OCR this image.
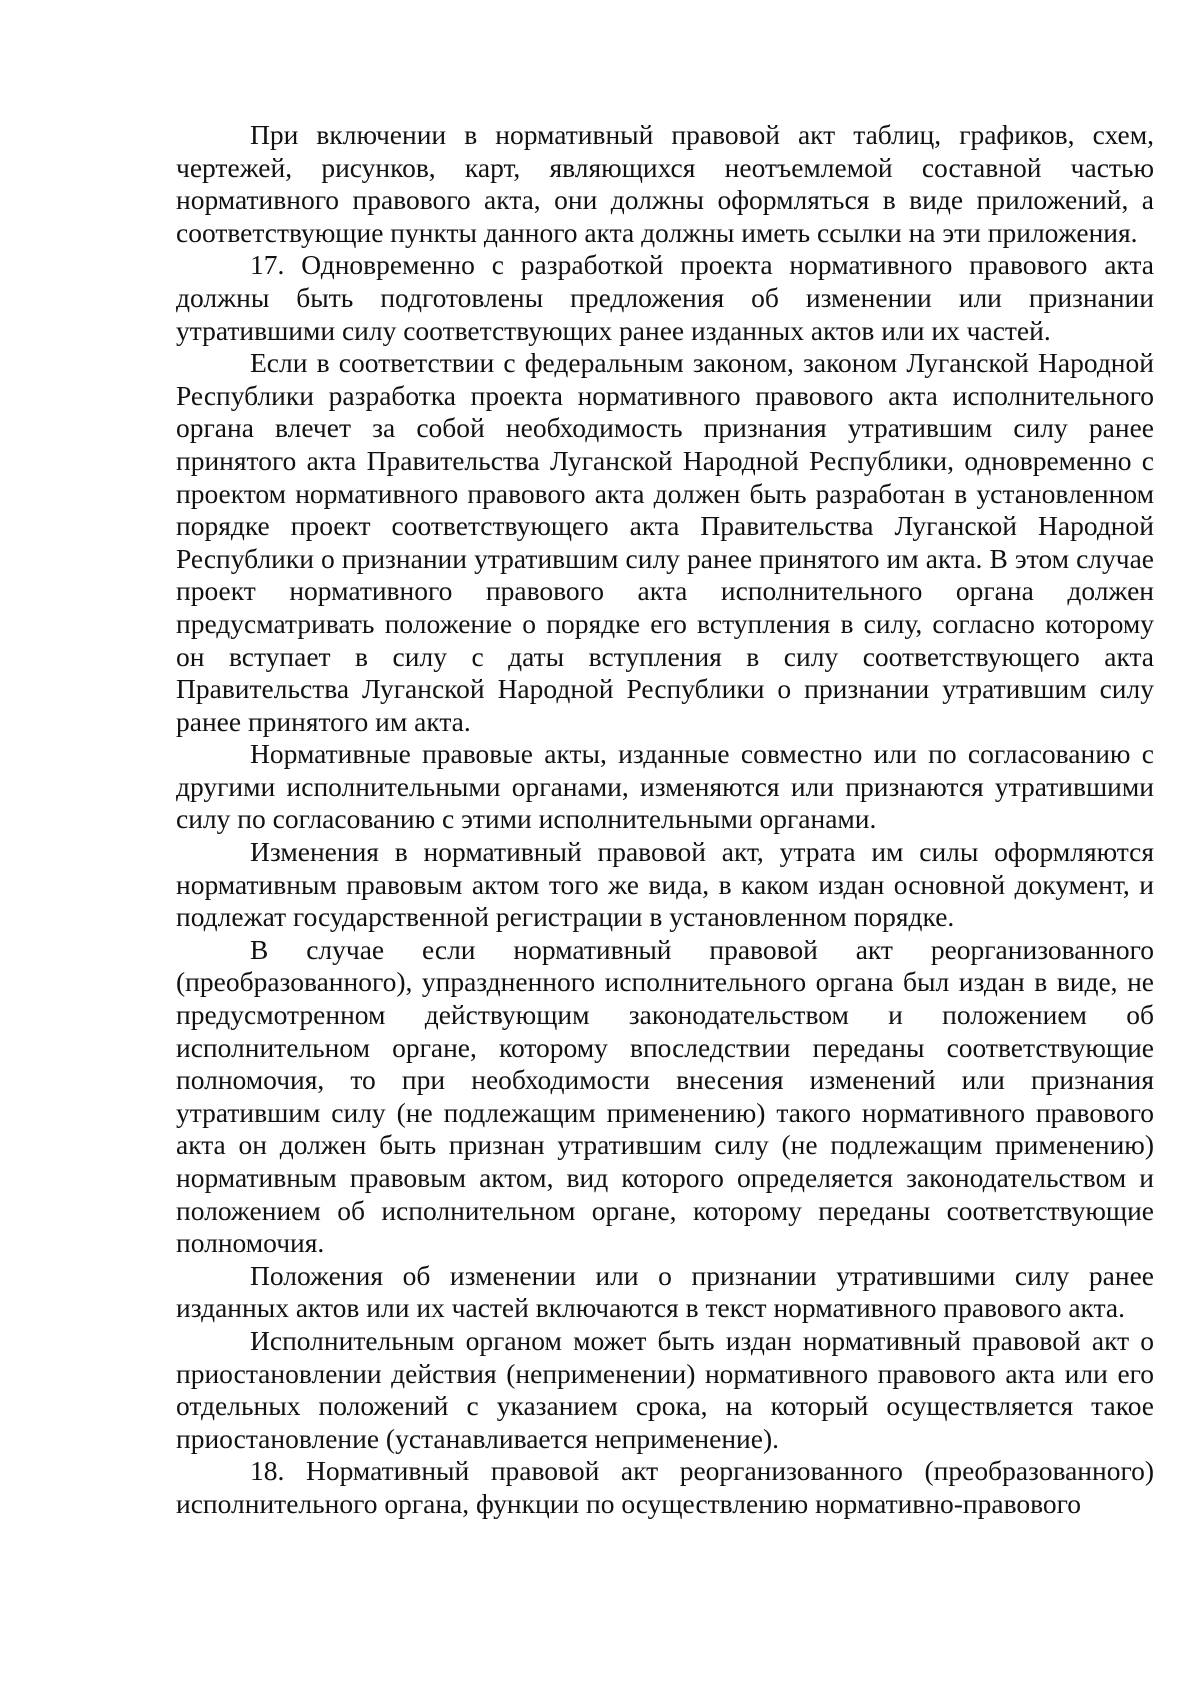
При включении в нормативный правовой акт таблиц, графиков, схем, чертежей, рисунков, карт, являющихся неотъемлемой составной частью нормативного правового акта, они должны оформляться в виде приложений, а соответствующие пункты данного акта должны иметь ссылки на эти приложения.

17. Одновременно с разработкой проекта нормативного правового акта должны быть подготовлены предложения об изменении или признании утратившими силу соответствующих ранее изданных актов или их частей.

Если в соответствии с федеральным законом, законом Луганской Народной Республики разработка проекта нормативного правового акта исполнительного органа влечет за собой необходимость признания утратившим силу ранее принятого акта Правительства Луганской Народной Республики, одновременно с проектом нормативного правового акта должен быть разработан в установленном порядке проект соответствующего акта Правительства Луганской Народной Республики о признании утратившим силу ранее принятого им акта. В этом случае проект нормативного правового акта исполнительного органа должен предусматривать положение о порядке его вступления в силу, согласно которому он вступает в силу с даты вступления в силу соответствующего акта Правительства Луганской Народной Республики о признании утратившим силу ранее принятого им акта.

Нормативные правовые акты, изданные совместно или по согласованию с другими исполнительными органами, изменяются или признаются утратившими силу по согласованию с этими исполнительными органами.

Изменения в нормативный правовой акт, утрата им силы оформляются нормативным правовым актом того же вида, в каком издан основной документ, и подлежат государственной регистрации в установленном порядке.

В случае если нормативный правовой акт реорганизованного (преобразованного), упраздненного исполнительного органа был издан в виде, не предусмотренном действующим законодательством и положением об исполнительном органе, которому впоследствии переданы соответствующие полномочия, то при необходимости внесения изменений или признания утратившим силу (не подлежащим применению) такого нормативного правового акта он должен быть признан утратившим силу (не подлежащим применению) нормативным правовым актом, вид которого определяется законодательством и положением об исполнительном органе, которому переданы соответствующие полномочия.

Положения об изменении или о признании утратившими силу ранее изданных актов или их частей включаются в текст нормативного правового акта.

Исполнительным органом может быть издан нормативный правовой акт о приостановлении действия (неприменении) нормативного правового акта или его отдельных положений с указанием срока, на который осуществляется такое приостановление (устанавливается неприменение).

18. Нормативный правовой акт реорганизованного (преобразованного) исполнительного органа, функции по осуществлению нормативно-правового
